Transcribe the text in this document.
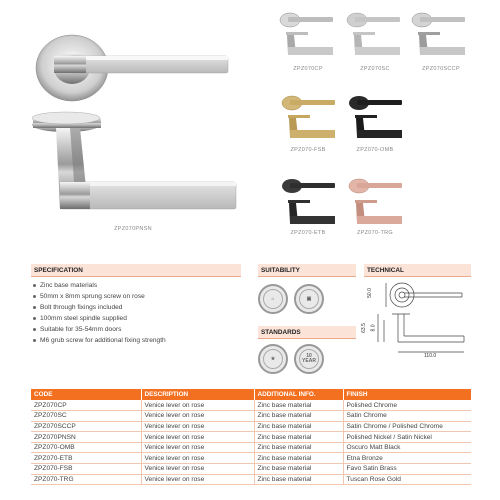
ZPZ070PNSN
ZPZ070CP	ZPZ070SC	ZPZ070SCCP
ZPZ070-FSB	ZPZ070-OMB
ZPZ070-ETB	ZPZ070-TRG
SPECIFICATION	SUITABILITY	TECHNICAL
STANDARDS
Zinc base materials
50mm x 8mm sprung screw on rose
Bolt through fixings included
100mm steel spindle supplied
Suitable for 35-54mm doors
M6 grub screw for additional fixing strength
⌂	▣
★	10 YEAR
50.0
63.5 8.0
110.0
CODE	DESCRIPTION	ADDITIONAL INFO.	FINISH
ZPZ070CP	Venice lever on rose	Zinc base material	Polished Chrome
ZPZ070SC	Venice lever on rose	Zinc base material	Satin Chrome
ZPZ070SCCP	Venice lever on rose	Zinc base material	Satin Chrome / Polished Chrome
ZPZ070PNSN	Venice lever on rose	Zinc base material	Polished Nickel / Satin Nickel
ZPZ070-OMB	Venice lever on rose	Zinc base material	Oscuro Matt Black
ZPZ070-ETB	Venice lever on rose	Zinc base material	Etna Bronze
ZPZ070-FSB	Venice lever on rose	Zinc base material	Favo Satin Brass
ZPZ070-TRG	Venice lever on rose	Zinc base material	Tuscan Rose Gold
